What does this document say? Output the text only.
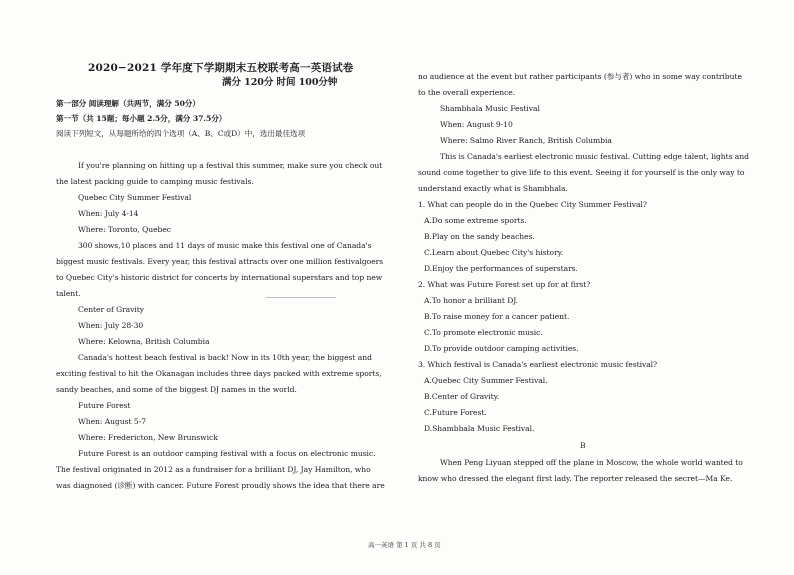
2020−2021 学年度下学期期末五校联考高一英语试卷
满分 120分 时间 100分钟
第一部分 阅读理解（共两节，满分 50分）
第一节（共 15题；每小题 2.5分，满分 37.5分）
阅读下列短文，从每题所给的四个选项（A、B、C或D）中，选出最佳选项
If you're planning on hitting up a festival this summer, make sure you check out
the latest packing guide to camping music festivals.
Quebec City Summer Festival
When: July 4-14
Where: Toronto, Quebec
300 shows,10 places and 11 days of music make this festival one of Canada's
biggest music festivals. Every year, this festival attracts over one million festivalgoers
to Quebec City's historic district for concerts by international superstars and top new
talent.
Center of Gravity
When: July 28-30
Where: Kelowna, British Columbia
Canada's hottest beach festival is back! Now in its 10th year, the biggest and
exciting festival to hit the Okanagan includes three days packed with extreme sports,
sandy beaches, and some of the biggest DJ names in the world.
Future Forest
When: August 5-7
Where: Fredericton, New Brunswick
Future Forest is an outdoor camping festival with a focus on electronic music.
The festival originated in 2012 as a fundraiser for a brilliant DJ, Jay Hamilton, who
was diagnosed (诊断) with cancer. Future Forest proudly shows the idea that there are
no audience at the event but rather participants (参与者) who in some way contribute
to the overall experience.
Shambhala Music Festival
When: August 9-10
Where: Salmo River Ranch, British Columbia
This is Canada's earliest electronic music festival. Cutting edge talent, lights and
sound come together to give life to this event. Seeing it for yourself is the only way to
understand exactly what is Shambhala.
1. What can people do in the Quebec City Summer Festival?
A.Do some extreme sports.
B.Play on the sandy beaches.
C.Learn about Quebec City's history.
D.Enjoy the performances of superstars.
2. What was Future Forest set up for at first?
A.To honor a brilliant DJ.
B.To raise money for a cancer patient.
C.To promote electronic music.
D.To provide outdoor camping activities.
3. Which festival is Canada's earliest electronic music festival?
A.Quebec City Summer Festival.
B.Center of Gravity.
C.Future Forest.
D.Shambhala Music Festival.
B
When Peng Liyuan stepped off the plane in Moscow, the whole world wanted to
know who dressed the elegant first lady. The reporter released the secret—Ma Ke.
高一英语 第 1 页 共 8 页
